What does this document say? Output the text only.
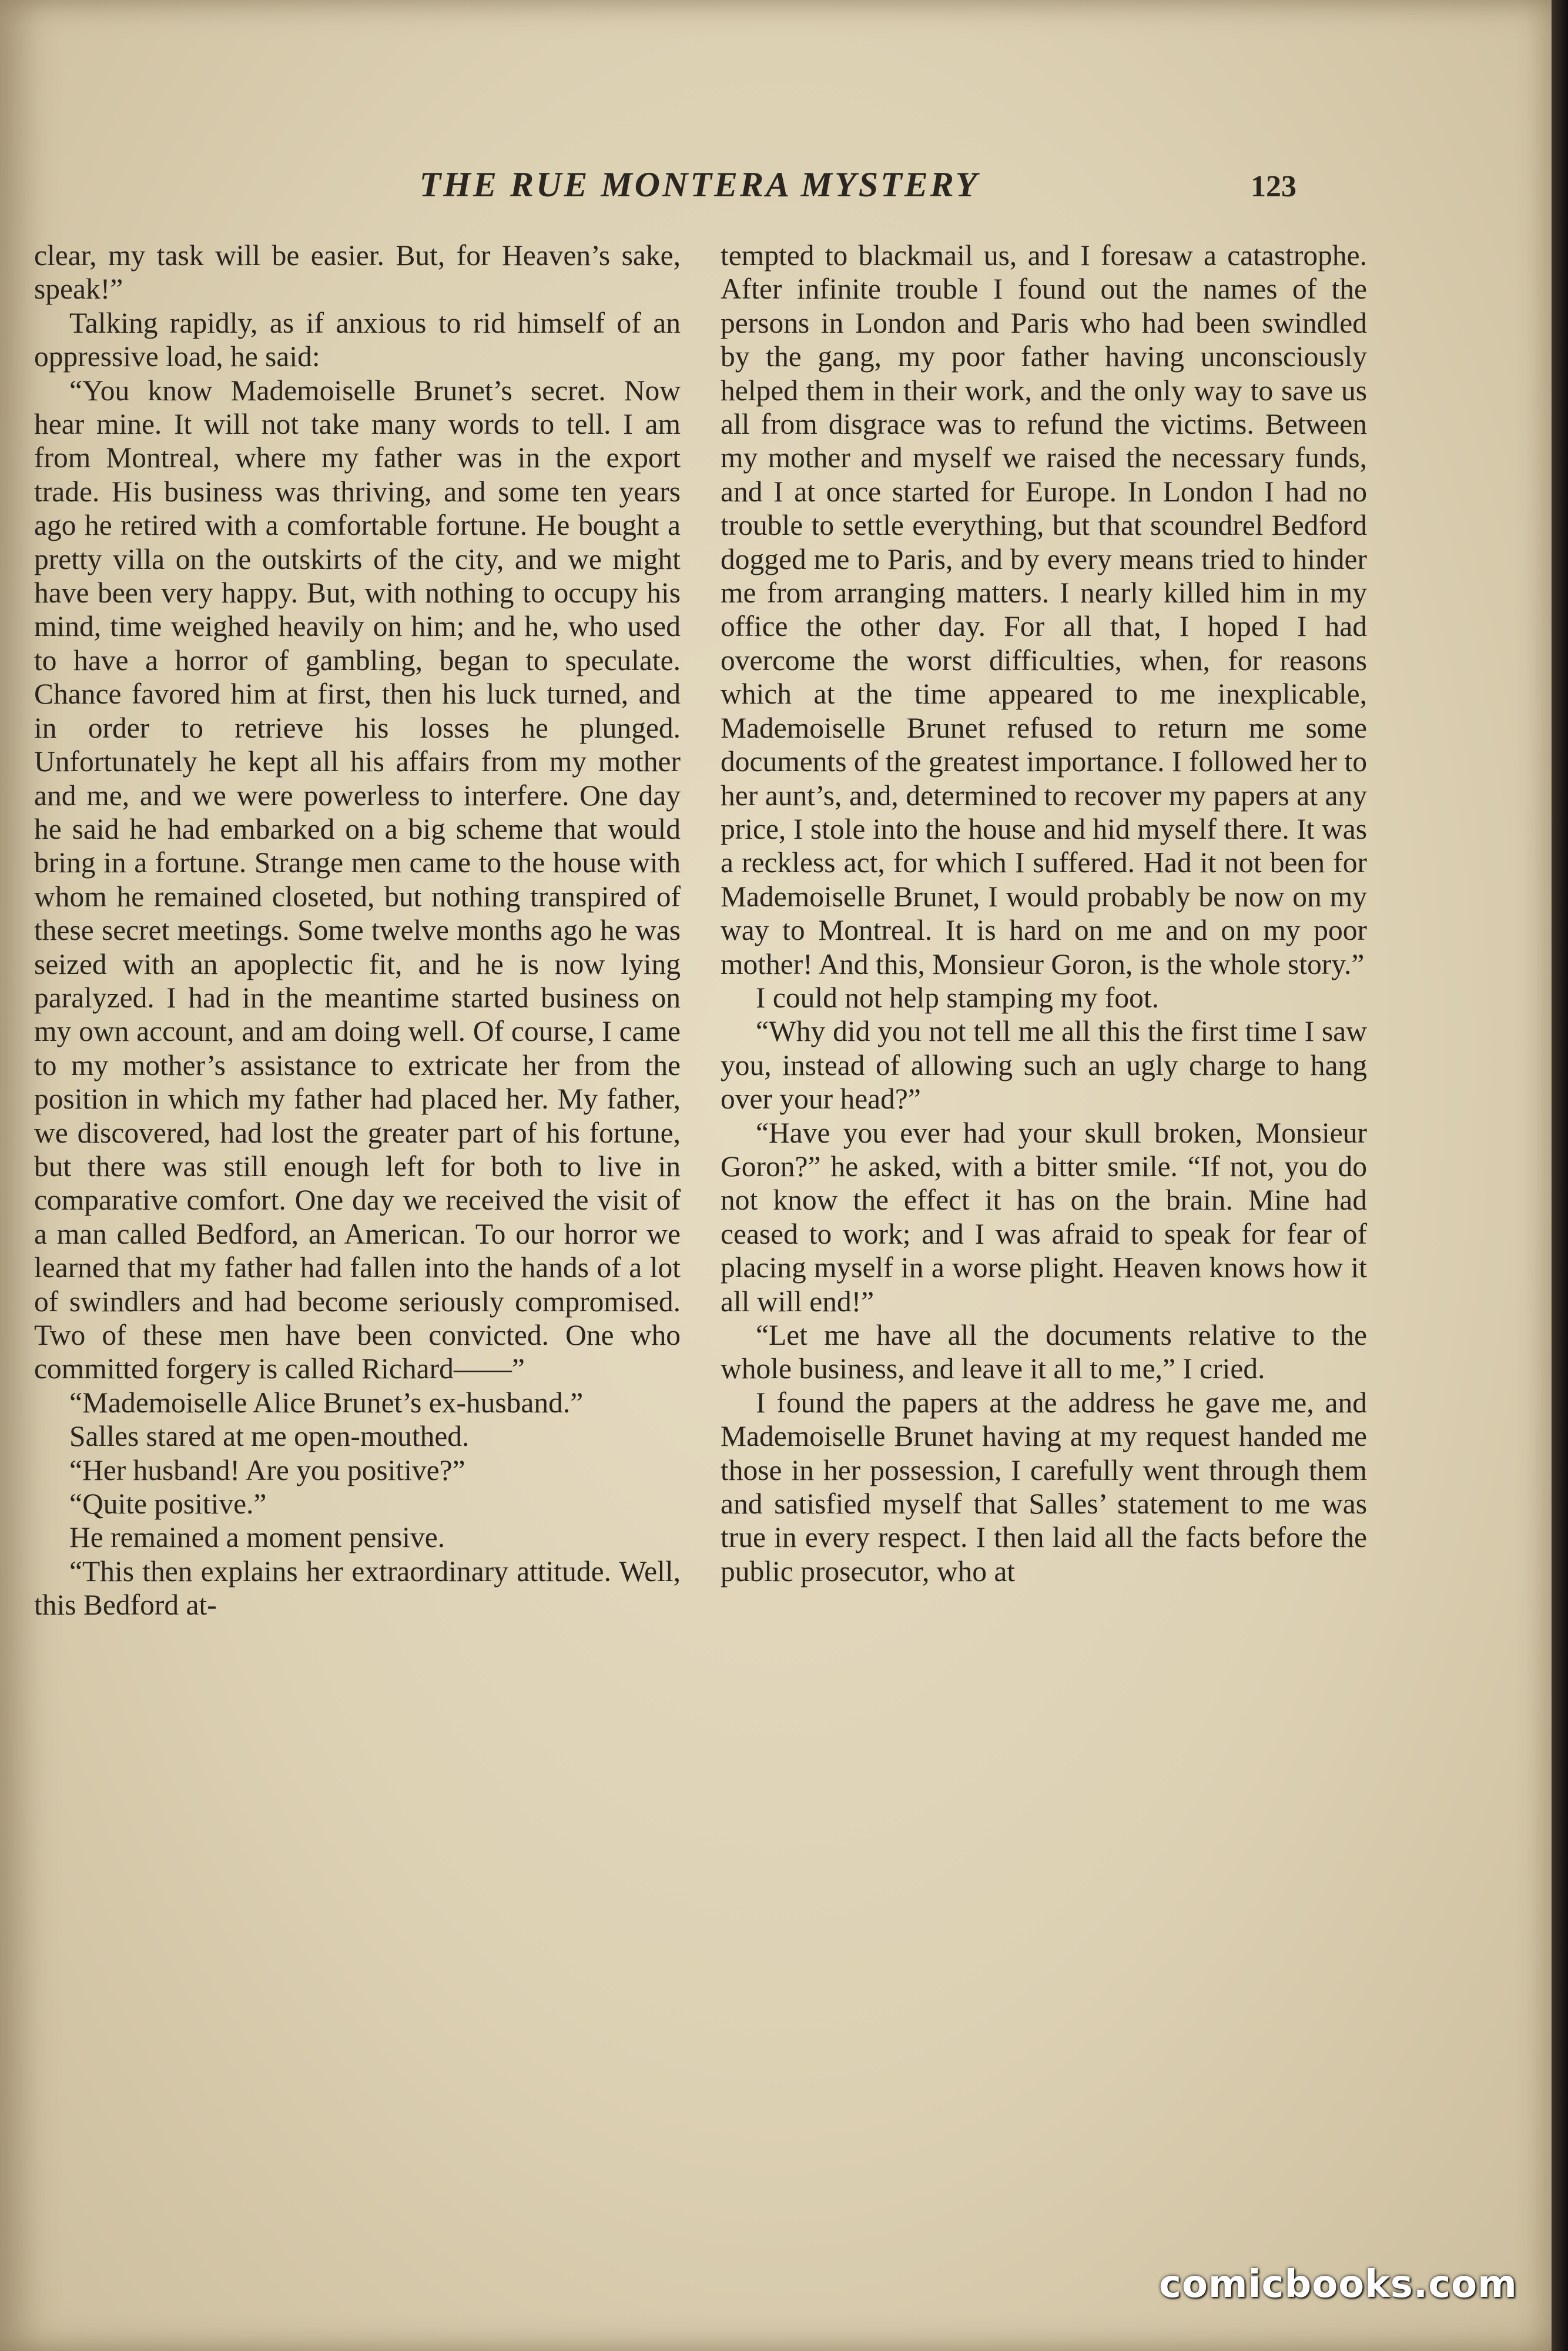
THE RUE MONTERA MYSTERY	123

clear, my task will be easier. But, for Heaven’s sake, speak!”

Talking rapidly, as if anxious to rid himself of an oppressive load, he said:

“You know Mademoiselle Brunet’s secret. Now hear mine. It will not take many words to tell. I am from Montreal, where my father was in the export trade. His business was thriving, and some ten years ago he retired with a comfortable fortune. He bought a pretty villa on the outskirts of the city, and we might have been very happy. But, with nothing to occupy his mind, time weighed heavily on him; and he, who used to have a horror of gambling, began to speculate. Chance favored him at first, then his luck turned, and in order to retrieve his losses he plunged. Unfortunately he kept all his affairs from my mother and me, and we were powerless to interfere. One day he said he had embarked on a big scheme that would bring in a fortune. Strange men came to the house with whom he remained closeted, but nothing transpired of these secret meetings. Some twelve months ago he was seized with an apoplectic fit, and he is now lying paralyzed. I had in the meantime started business on my own account, and am doing well. Of course, I came to my mother’s assistance to extricate her from the position in which my father had placed her. My father, we discovered, had lost the greater part of his fortune, but there was still enough left for both to live in comparative comfort. One day we received the visit of a man called Bedford, an American. To our horror we learned that my father had fallen into the hands of a lot of swindlers and had become seriously compromised. Two of these men have been convicted. One who committed forgery is called Richard——”

“Mademoiselle Alice Brunet’s ex-husband.”

Salles stared at me open-mouthed.

“Her husband! Are you positive?”

“Quite positive.”

He remained a moment pensive.

“This then explains her extraordinary attitude. Well, this Bedford at-

tempted to blackmail us, and I foresaw a catastrophe. After infinite trouble I found out the names of the persons in London and Paris who had been swindled by the gang, my poor father having unconsciously helped them in their work, and the only way to save us all from disgrace was to refund the victims. Between my mother and myself we raised the necessary funds, and I at once started for Europe. In London I had no trouble to settle everything, but that scoundrel Bedford dogged me to Paris, and by every means tried to hinder me from arranging matters. I nearly killed him in my office the other day. For all that, I hoped I had overcome the worst difficulties, when, for reasons which at the time appeared to me inexplicable, Mademoiselle Brunet refused to return me some documents of the greatest importance. I followed her to her aunt’s, and, determined to recover my papers at any price, I stole into the house and hid myself there. It was a reckless act, for which I suffered. Had it not been for Mademoiselle Brunet, I would probably be now on my way to Montreal. It is hard on me and on my poor mother! And this, Monsieur Goron, is the whole story.”

I could not help stamping my foot.

“Why did you not tell me all this the first time I saw you, instead of allowing such an ugly charge to hang over your head?”

“Have you ever had your skull broken, Monsieur Goron?” he asked, with a bitter smile. “If not, you do not know the effect it has on the brain. Mine had ceased to work; and I was afraid to speak for fear of placing myself in a worse plight. Heaven knows how it all will end!”

“Let me have all the documents relative to the whole business, and leave it all to me,” I cried.

I found the papers at the address he gave me, and Mademoiselle Brunet having at my request handed me those in her possession, I carefully went through them and satisfied myself that Salles’ statement to me was true in every respect. I then laid all the facts before the public prosecutor, who at

comicbooks.com
